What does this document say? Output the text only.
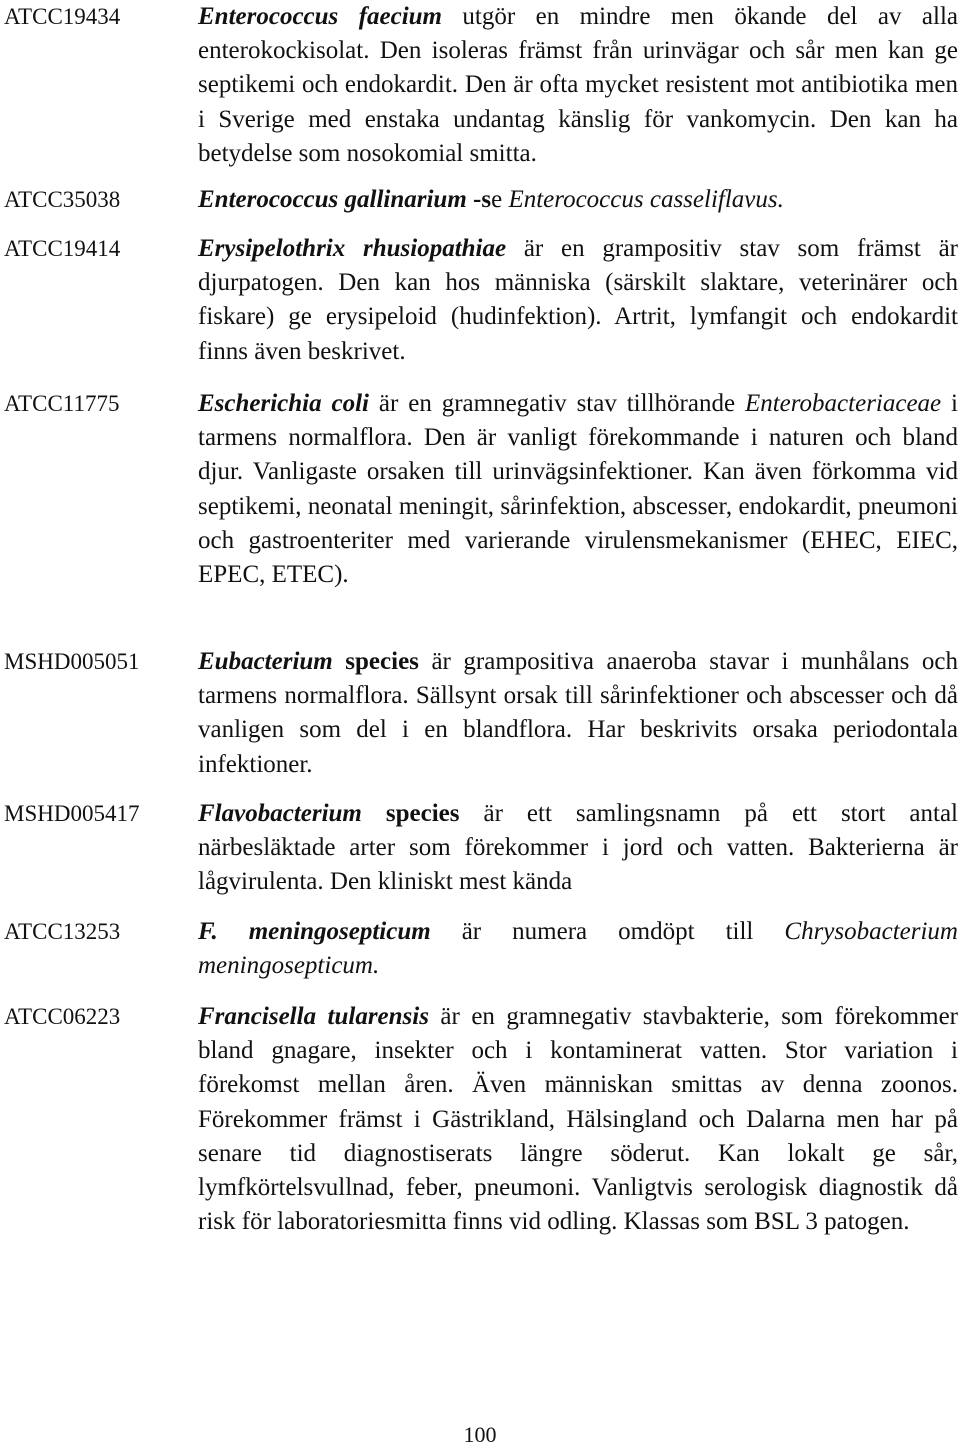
ATCC19434	Enterococcus faecium utgör en mindre men ökande del av alla enterokockisolat. Den isoleras främst från urinvägar och sår men kan ge septikemi och endokardit. Den är ofta mycket resistent mot antibiotika men i Sverige med enstaka undantag känslig för vankomycin. Den kan ha betydelse som nosokomial smitta.
ATCC35038	Enterococcus gallinarium -se Enterococcus casseliflavus.
ATCC19414	Erysipelothrix rhusiopathiae är en grampositiv stav som främst är djurpatogen. Den kan hos människa (särskilt slaktare, veterinärer och fiskare) ge erysipeloid (hudinfektion). Artrit, lymfangit och endokardit finns även beskrivet.
ATCC11775	Escherichia coli är en gramnegativ stav tillhörande Enterobacteriaceae i tarmens normalflora. Den är vanligt förekommande i naturen och bland djur. Vanligaste orsaken till urinvägsinfektioner. Kan även förkomma vid septikemi, neonatal meningit, sårinfektion, abscesser, endokardit, pneumoni och gastroenteriter med varierande virulensmekanismer (EHEC, EIEC, EPEC, ETEC).
MSHD005051 Eubacterium species är grampositiva anaeroba stavar i munhålans och tarmens normalflora. Sällsynt orsak till sårinfektioner och abscesser och då vanligen som del i en blandflora. Har beskrivits orsaka periodontala infektioner.
MSHD005417 Flavobacterium species är ett samlingsnamn på ett stort antal närbesläktade arter som förekommer i jord och vatten. Bakterierna är lågvirulenta. Den kliniskt mest kända
ATCC13253	F. meningosepticum är numera omdöpt till Chrysobacterium meningosepticum.
ATCC06223	Francisella tularensis är en gramnegativ stavbakterie, som förekommer bland gnagare, insekter och i kontaminerat vatten. Stor variation i förekomst mellan åren. Även människan smittas av denna zoonos. Förekommer främst i Gästrikland, Hälsingland och Dalarna men har på senare tid diagnostiserats längre söderut. Kan lokalt ge sår, lymfkörtelsvullnad, feber, pneumoni. Vanligtvis serologisk diagnostik då risk för laboratoriesmitta finns vid odling. Klassas som BSL 3 patogen.
100
